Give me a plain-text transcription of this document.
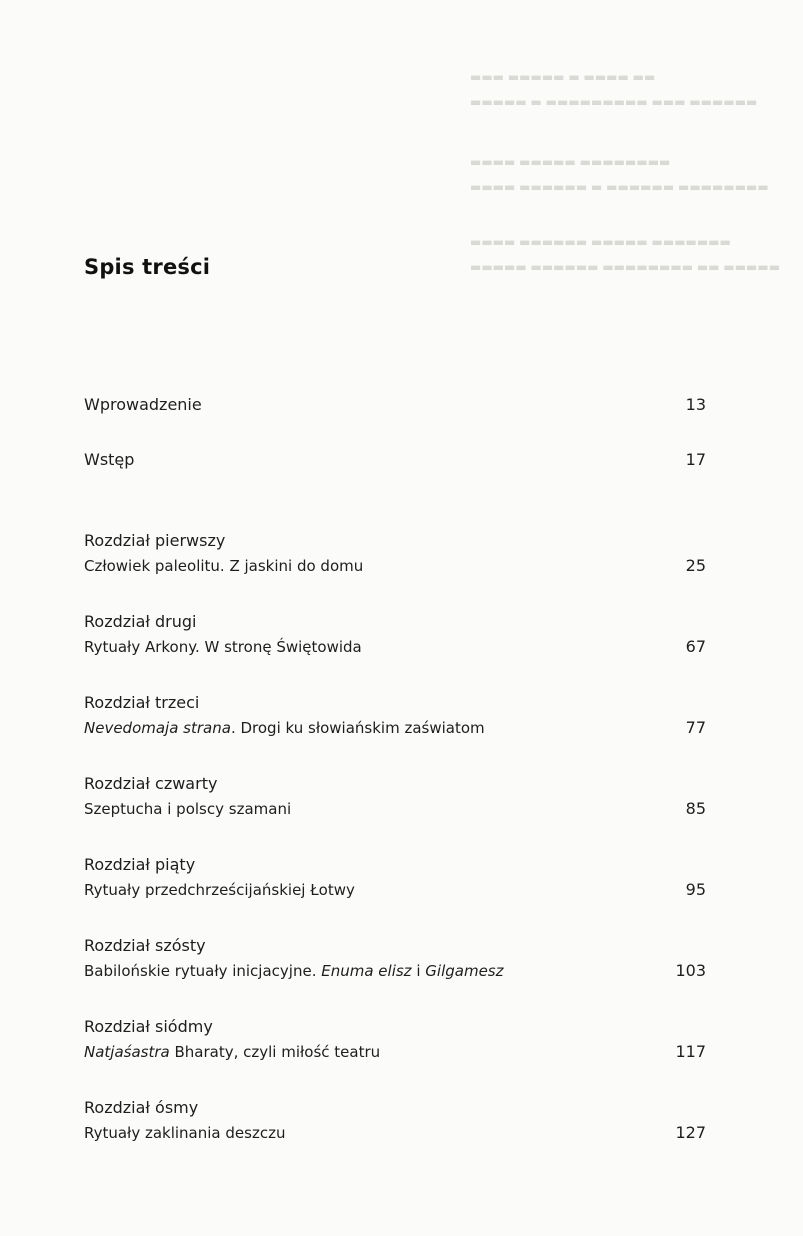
▬▬▬ ▬▬▬▬▬ ▬ ▬▬▬▬ ▬▬
▬▬▬▬▬ ▬ ▬▬▬▬▬▬▬▬▬ ▬▬▬ ▬▬▬▬▬▬
▬▬▬▬ ▬▬▬▬▬ ▬▬▬▬▬▬▬▬
▬▬▬▬ ▬▬▬▬▬▬ ▬ ▬▬▬▬▬▬ ▬▬▬▬▬▬▬▬
▬▬▬▬ ▬▬▬▬▬▬ ▬▬▬▬▬ ▬▬▬▬▬▬▬
▬▬▬▬▬ ▬▬▬▬▬▬ ▬▬▬▬▬▬▬▬ ▬▬ ▬▬▬▬▬
Spis treści
Wprowadzenie	13
Wstęp	17
Rozdział pierwszy
Człowiek paleolitu. Z jaskini do domu	25
Rozdział drugi
Rytuały Arkony. W stronę Świętowida	67
Rozdział trzeci
Nevedomaja strana. Drogi ku słowiańskim zaświatom	77
Rozdział czwarty
Szeptucha i polscy szamani	85
Rozdział piąty
Rytuały przedchrześcijańskiej Łotwy	95
Rozdział szósty
Babilońskie rytuały inicjacyjne. Enuma elisz i Gilgamesz	103
Rozdział siódmy
Natjaśastra Bharaty, czyli miłość teatru	117
Rozdział ósmy
Rytuały zaklinania deszczu	127
